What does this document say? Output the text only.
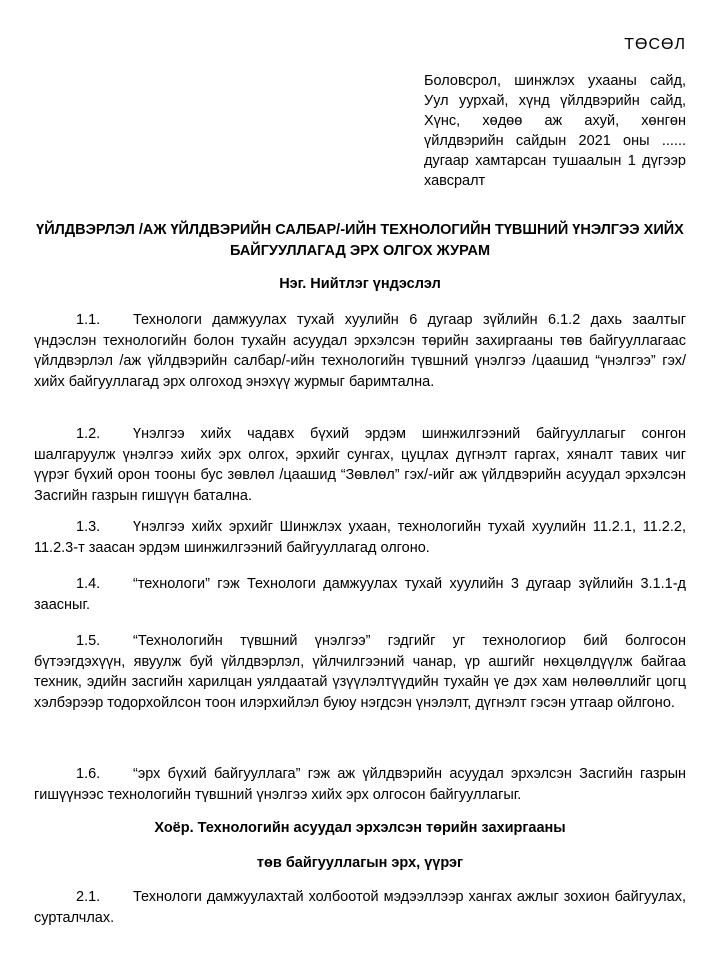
ТӨСӨЛ
Боловсрол, шинжлэх ухааны сайд, Уул уурхай, хүнд үйлдвэрийн сайд, Хүнс, хөдөө аж ахуй, хөнгөн үйлдвэрийн сайдын 2021 оны ...... дугаар хамтарсан тушаалын 1 дүгээр хавсралт
ҮЙЛДВЭРЛЭЛ /АЖ ҮЙЛДВЭРИЙН САЛБАР/-ИЙН ТЕХНОЛОГИЙН ТҮВШНИЙ ҮНЭЛГЭЭ ХИЙХ БАЙГУУЛЛАГАД ЭРХ ОЛГОХ ЖУРАМ
Нэг. Нийтлэг үндэслэл
1.1. Технологи дамжуулах тухай хуулийн 6 дугаар зүйлийн 6.1.2 дахь заалтыг үндэслэн технологийн болон тухайн асуудал эрхэлсэн төрийн захиргааны төв байгууллагаас үйлдвэрлэл /аж үйлдвэрийн салбар/-ийн технологийн түвшний үнэлгээ /цаашид “үнэлгээ” гэх/ хийх байгууллагад эрх олгоход энэхүү журмыг баримталнa.
1.2. Үнэлгээ хийх чадавх бүхий эрдэм шинжилгээний байгууллагыг сонгон шалгаруулж үнэлгээ хийх эрх олгох, эрхийг сунгах, цуцлах дүгнэлт гаргах, хяналт тавих чиг үүрэг бүхий орон тооны бус зөвлөл /цаашид “Зөвлөл” гэх/-ийг аж үйлдвэрийн асуудал эрхэлсэн Засгийн газрын гишүүн батална.
1.3. Үнэлгээ хийх эрхийг Шинжлэх ухаан, технологийн тухай хуулийн 11.2.1, 11.2.2, 11.2.3-т заасан эрдэм шинжилгээний байгууллагад олгоно.
1.4. “технологи” гэж Технологи дамжуулах тухай хуулийн 3 дугаар зүйлийн 3.1.1-д заасныг.
1.5. “Технологийн түвшний үнэлгээ” гэдгийг уг технологиор бий болгосон бүтээгдэхүүн, явуулж буй үйлдвэрлэл, үйлчилгээний чанар, үр ашгийг нөхцөлдүүлж байгаа техник, эдийн засгийн харилцан уялдаатай үзүүлэлтүүдийн тухайн үе дэх хам нөлөөллийг цогц хэлбэрээр тодорхойлсон тоон илэрхийлэл буюу нэгдсэн үнэлэлт, дүгнэлт гэсэн утгаар ойлгоно.
1.6. “эрх бүхий байгууллага” гэж аж үйлдвэрийн асуудал эрхэлсэн Засгийн газрын гишүүнээс технологийн түвшний үнэлгээ хийх эрх олгосон байгууллагыг.
Хоёр. Технологийн асуудал эрхэлсэн төрийн захиргааны
төв байгууллагын эрх, үүрэг
2.1. Технологи дамжуулахтай холбоотой мэдээллээр хангах ажлыг зохион байгуулах, сурталчлах.
